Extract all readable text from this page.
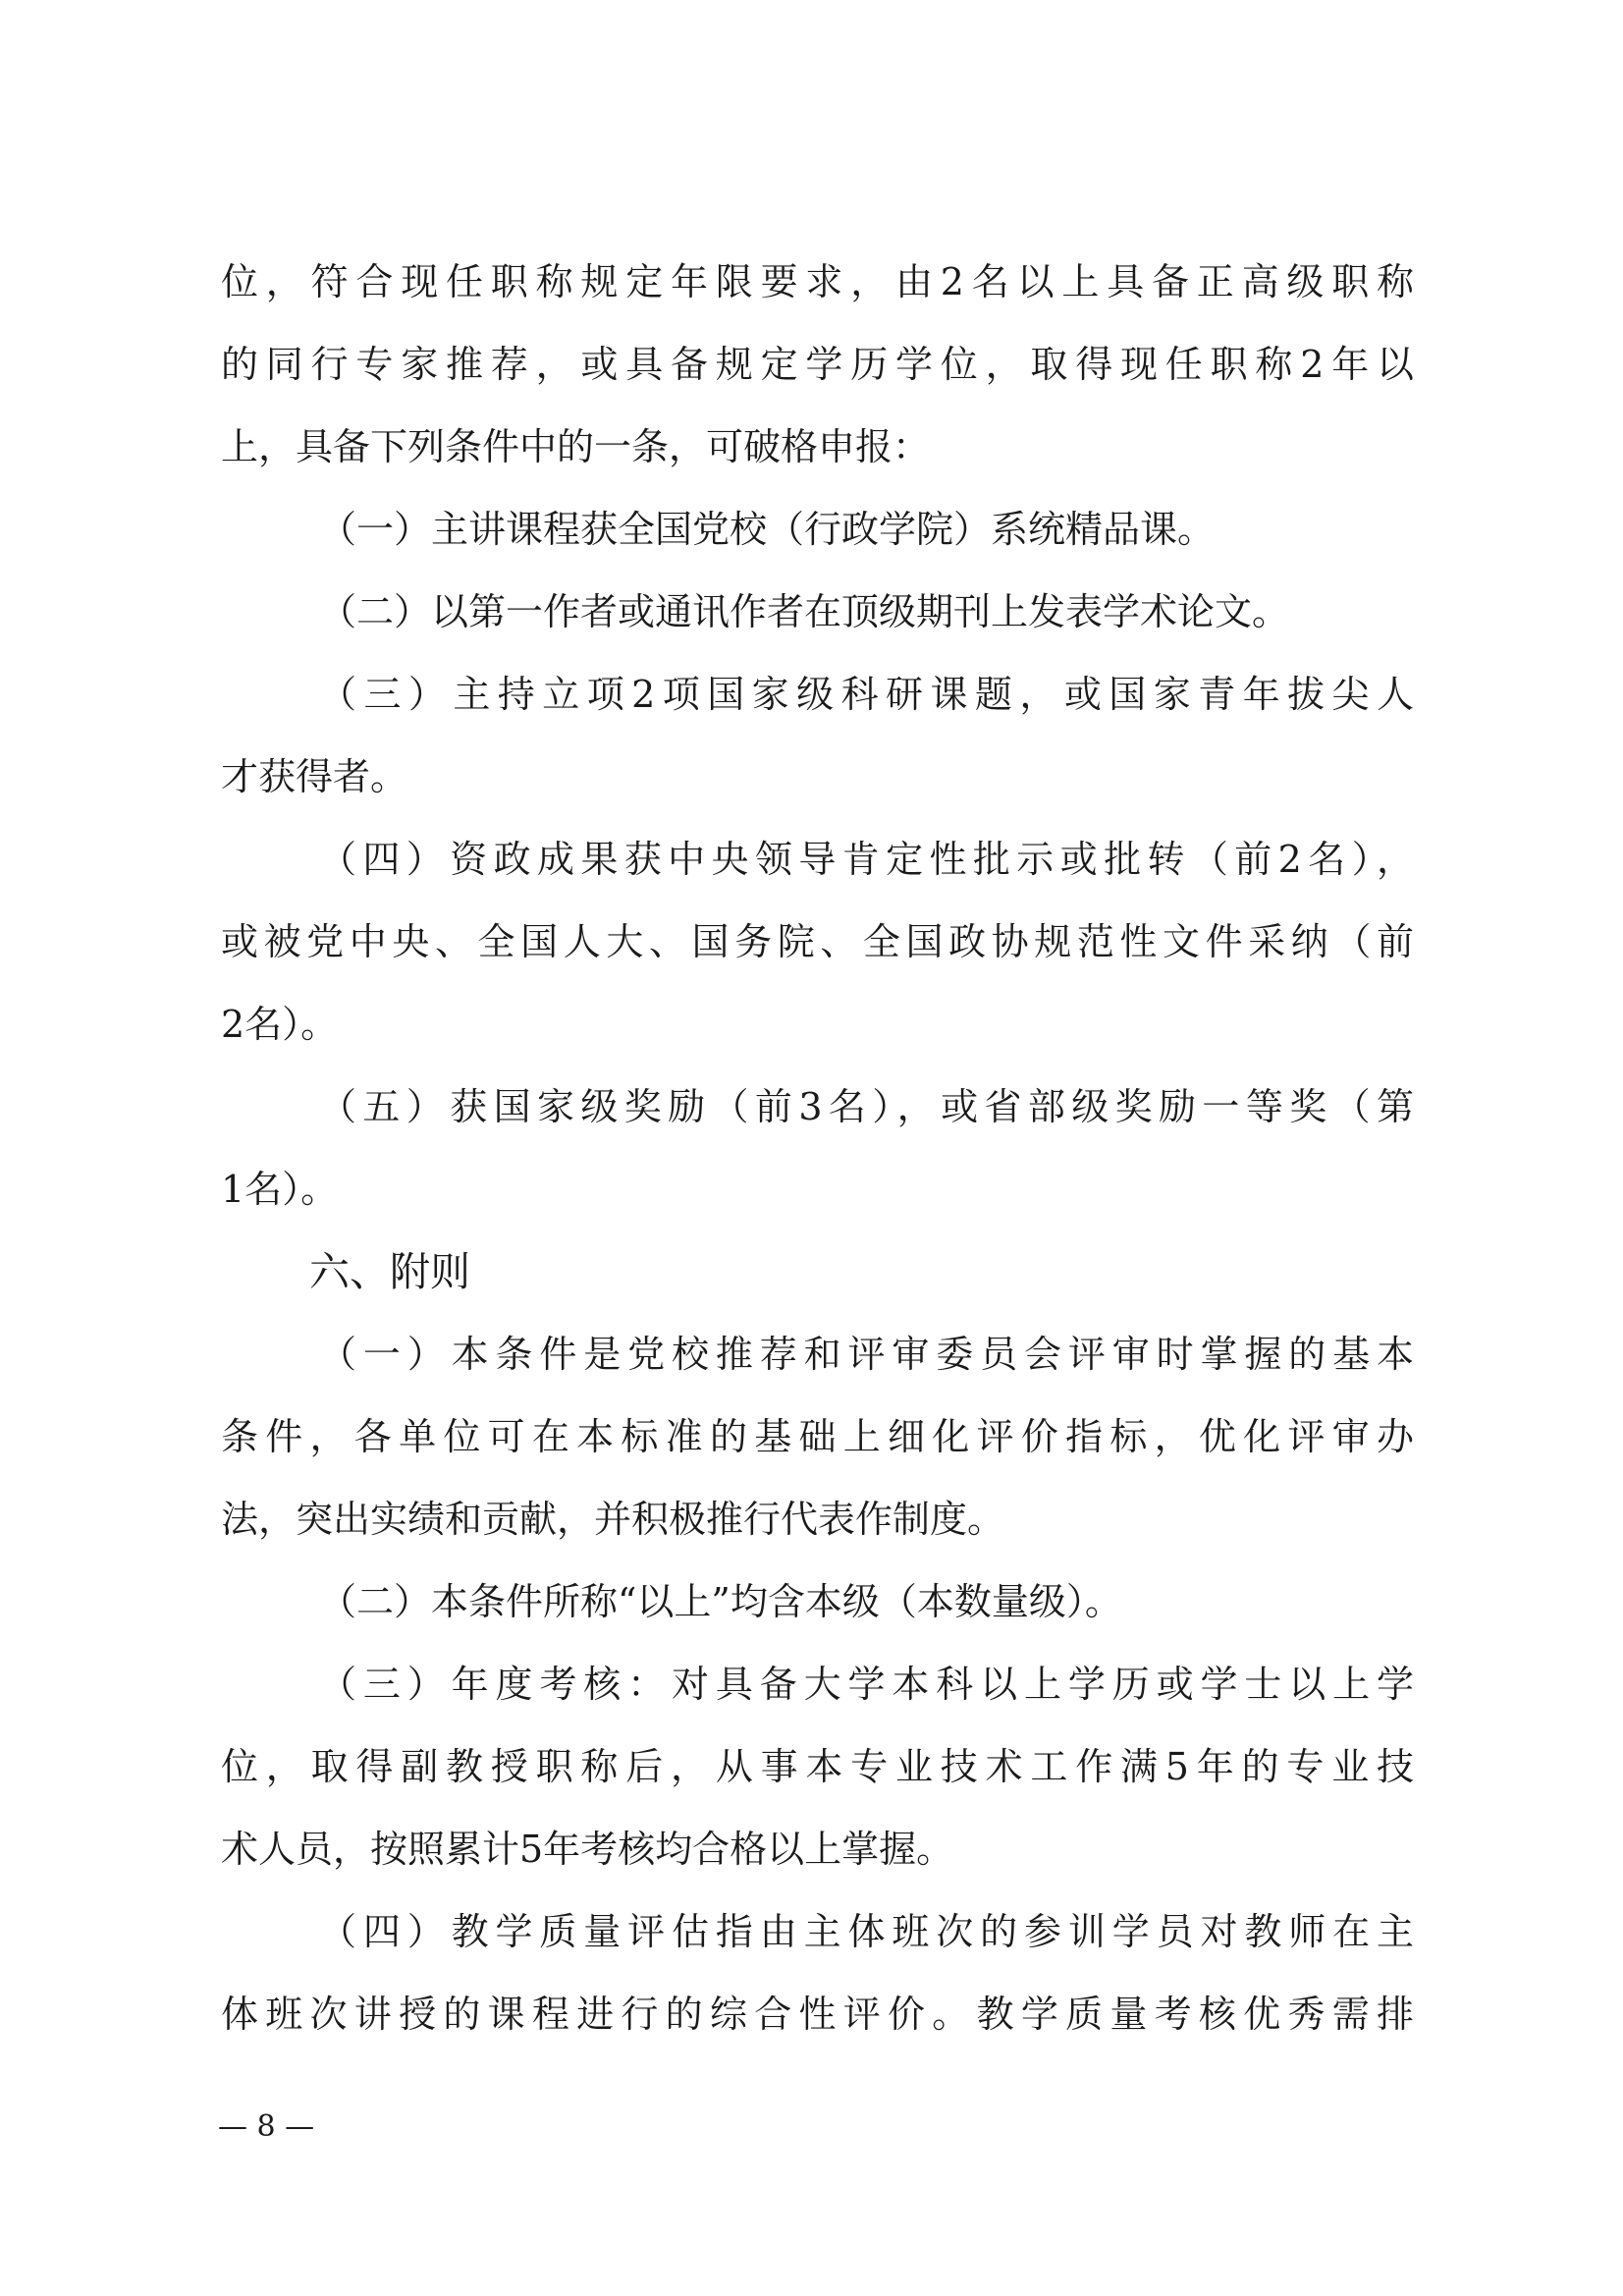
位，符合现任职称规定年限要求，由2名以上具备正高级职称
的同行专家推荐，或具备规定学历学位，取得现任职称2年以
上，具备下列条件中的一条，可破格申报：
（一）主讲课程获全国党校（行政学院）系统精品课。
（二）以第一作者或通讯作者在顶级期刊上发表学术论文。
（三）主持立项2项国家级科研课题，或国家青年拔尖人
才获得者。
（四）资政成果获中央领导肯定性批示或批转（前2名），
或被党中央、全国人大、国务院、全国政协规范性文件采纳（前
2名）。
（五）获国家级奖励（前3名），或省部级奖励一等奖（第
1名）。
六、附则
（一）本条件是党校推荐和评审委员会评审时掌握的基本
条件，各单位可在本标准的基础上细化评价指标，优化评审办
法，突出实绩和贡献，并积极推行代表作制度。
（二）本条件所称“以上”均含本级（本数量级）。
（三）年度考核：对具备大学本科以上学历或学士以上学
位，取得副教授职称后，从事本专业技术工作满5年的专业技
术人员，按照累计5年考核均合格以上掌握。
（四）教学质量评估指由主体班次的参训学员对教师在主
体班次讲授的课程进行的综合性评价。教学质量考核优秀需排
— 8 —
